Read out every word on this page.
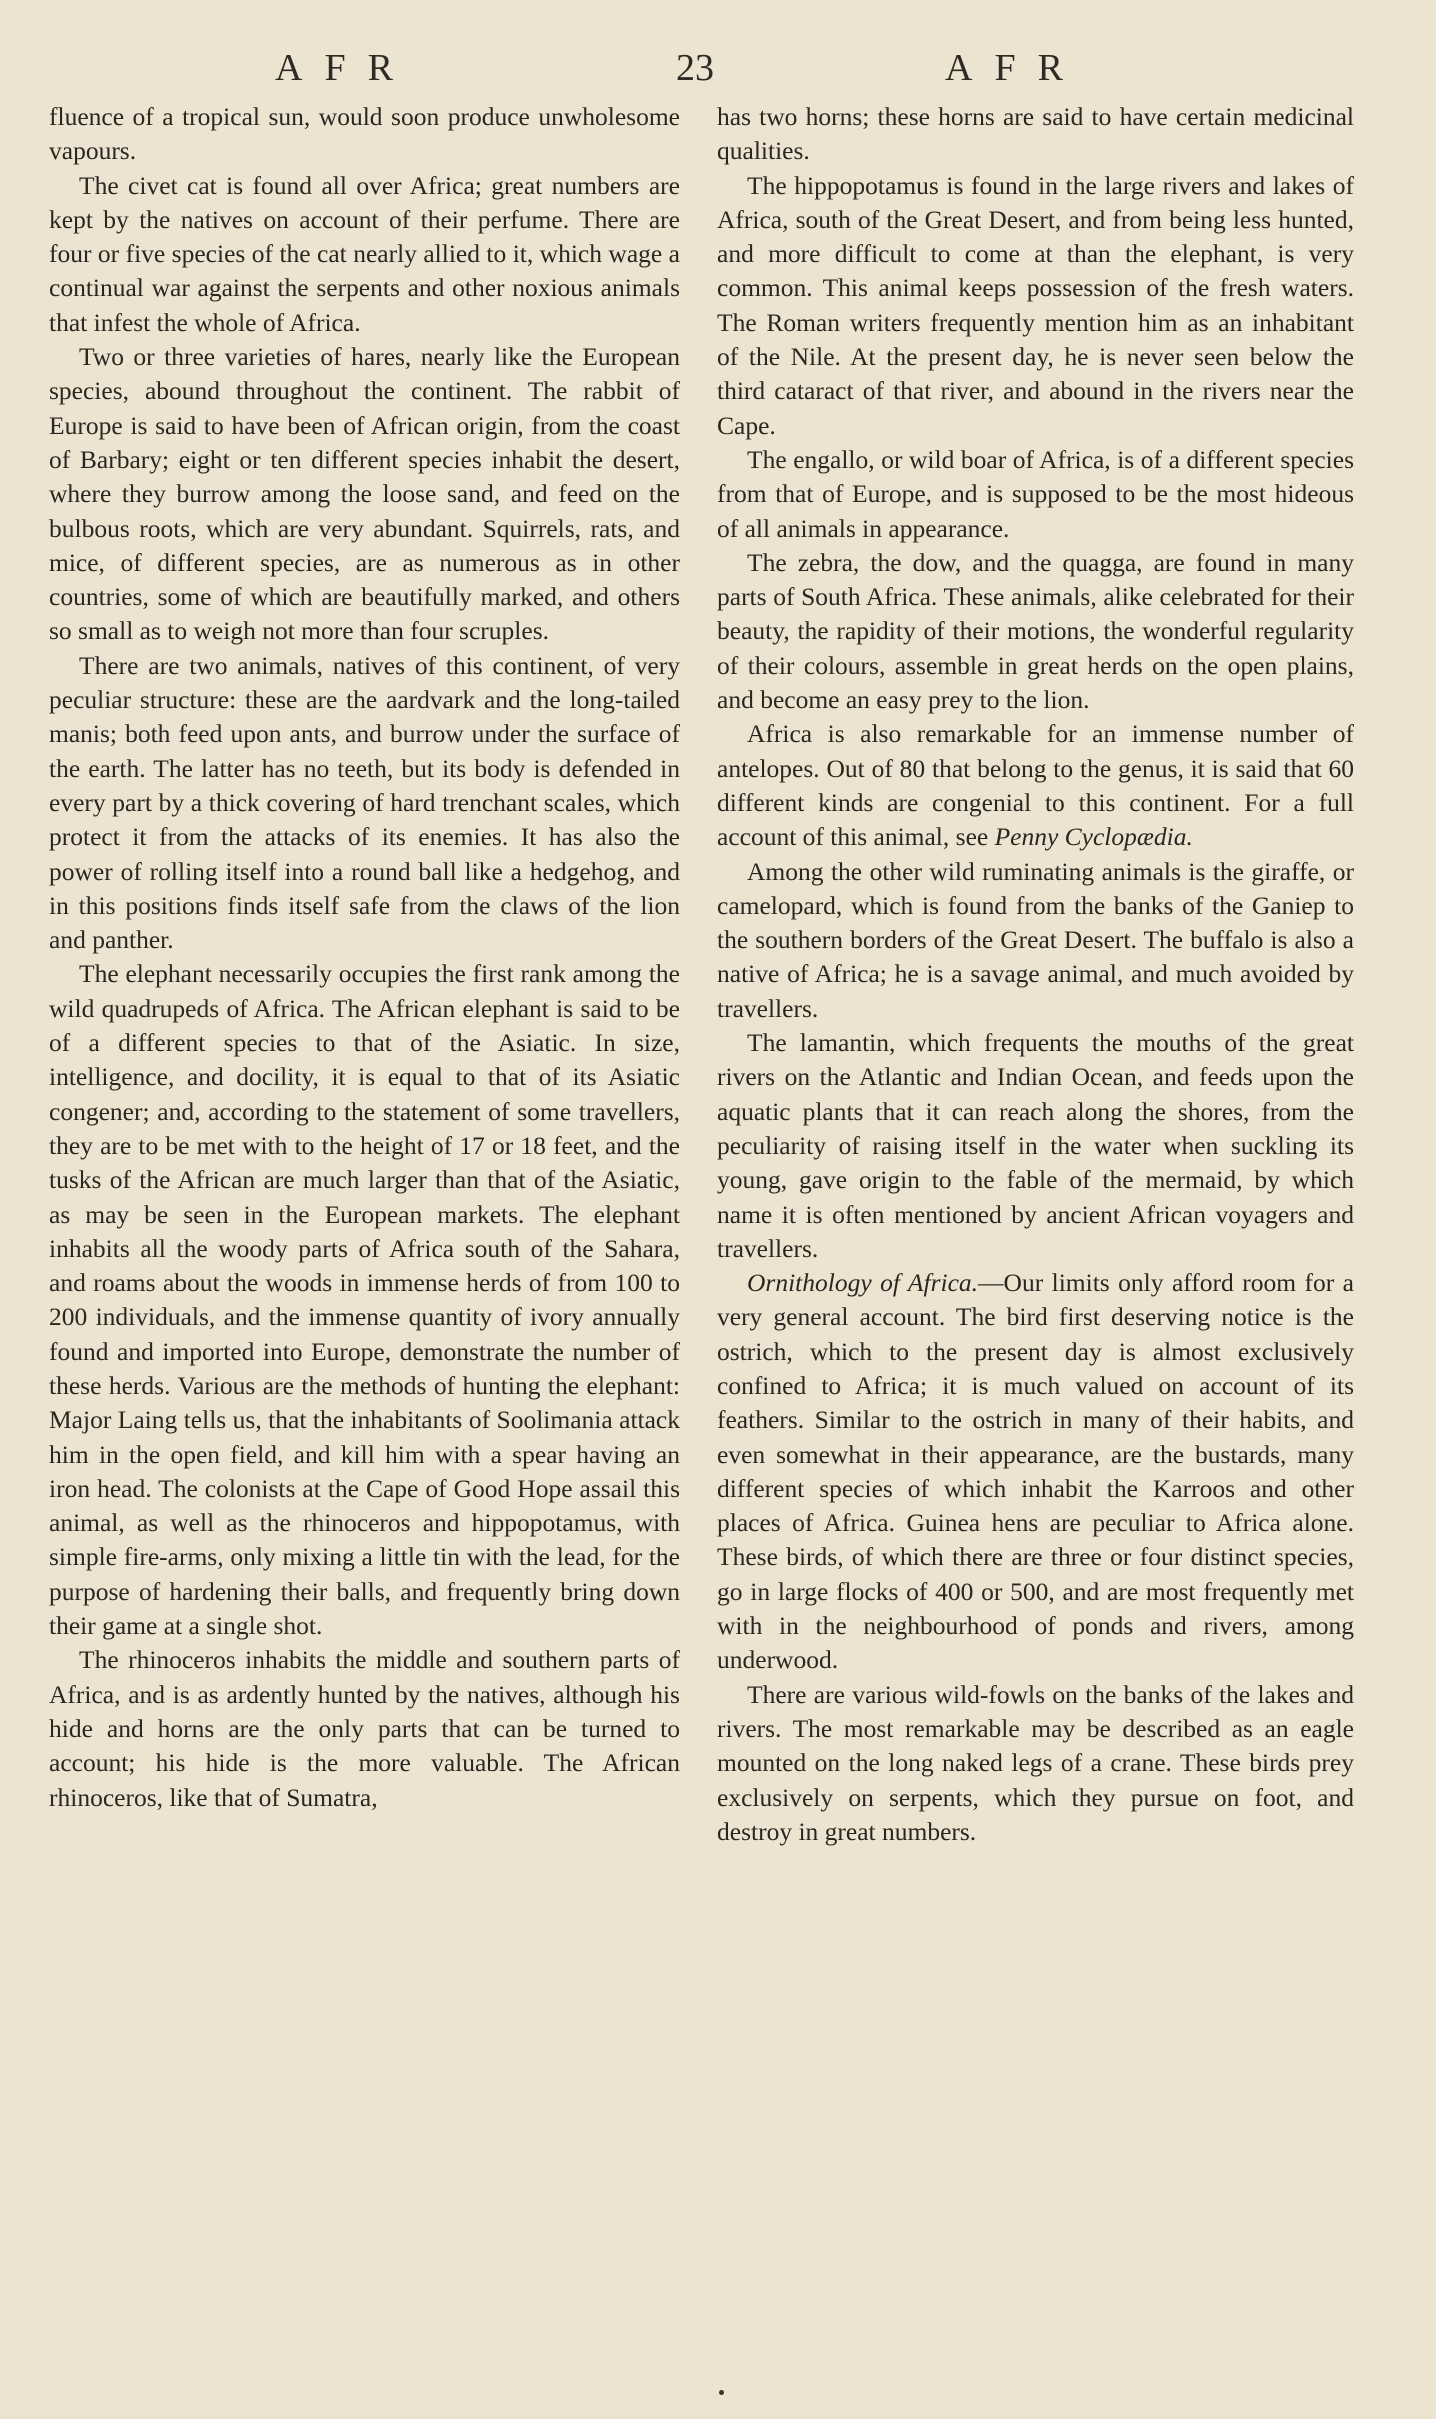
AFR	23	AFR

fluence of a tropical sun, would soon produce unwholesome vapours.

The civet cat is found all over Africa; great numbers are kept by the natives on account of their perfume. There are four or five species of the cat nearly allied to it, which wage a continual war against the serpents and other noxious animals that infest the whole of Africa.

Two or three varieties of hares, nearly like the European species, abound throughout the continent. The rabbit of Europe is said to have been of African origin, from the coast of Barbary; eight or ten different species inhabit the desert, where they burrow among the loose sand, and feed on the bulbous roots, which are very abundant. Squirrels, rats, and mice, of different species, are as numerous as in other countries, some of which are beautifully marked, and others so small as to weigh not more than four scruples.

There are two animals, natives of this continent, of very peculiar structure: these are the aardvark and the long-tailed manis; both feed upon ants, and burrow under the surface of the earth. The latter has no teeth, but its body is defended in every part by a thick covering of hard trenchant scales, which protect it from the attacks of its enemies. It has also the power of rolling itself into a round ball like a hedgehog, and in this positions finds itself safe from the claws of the lion and panther.

The elephant necessarily occupies the first rank among the wild quadrupeds of Africa. The African elephant is said to be of a different species to that of the Asiatic. In size, intelligence, and docility, it is equal to that of its Asiatic congener; and, according to the statement of some travellers, they are to be met with to the height of 17 or 18 feet, and the tusks of the African are much larger than that of the Asiatic, as may be seen in the European markets. The elephant inhabits all the woody parts of Africa south of the Sahara, and roams about the woods in immense herds of from 100 to 200 individuals, and the immense quantity of ivory annually found and imported into Europe, demonstrate the number of these herds. Various are the methods of hunting the elephant: Major Laing tells us, that the inhabitants of Soolimania attack him in the open field, and kill him with a spear having an iron head. The colonists at the Cape of Good Hope assail this animal, as well as the rhinoceros and hippopotamus, with simple fire-arms, only mixing a little tin with the lead, for the purpose of hardening their balls, and frequently bring down their game at a single shot.

The rhinoceros inhabits the middle and southern parts of Africa, and is as ardently hunted by the natives, although his hide and horns are the only parts that can be turned to account; his hide is the more valuable. The African rhinoceros, like that of Sumatra,

has two horns; these horns are said to have certain medicinal qualities.

The hippopotamus is found in the large rivers and lakes of Africa, south of the Great Desert, and from being less hunted, and more difficult to come at than the elephant, is very common. This animal keeps possession of the fresh waters. The Roman writers frequently mention him as an inhabitant of the Nile. At the present day, he is never seen below the third cataract of that river, and abound in the rivers near the Cape.

The engallo, or wild boar of Africa, is of a different species from that of Europe, and is supposed to be the most hideous of all animals in appearance.

The zebra, the dow, and the quagga, are found in many parts of South Africa. These animals, alike celebrated for their beauty, the rapidity of their motions, the wonderful regularity of their colours, assemble in great herds on the open plains, and become an easy prey to the lion.

Africa is also remarkable for an immense number of antelopes. Out of 80 that belong to the genus, it is said that 60 different kinds are congenial to this continent. For a full account of this animal, see Penny Cyclopædia.

Among the other wild ruminating animals is the giraffe, or camelopard, which is found from the banks of the Ganiep to the southern borders of the Great Desert. The buffalo is also a native of Africa; he is a savage animal, and much avoided by travellers.

The lamantin, which frequents the mouths of the great rivers on the Atlantic and Indian Ocean, and feeds upon the aquatic plants that it can reach along the shores, from the peculiarity of raising itself in the water when suckling its young, gave origin to the fable of the mermaid, by which name it is often mentioned by ancient African voyagers and travellers.

Ornithology of Africa.—Our limits only afford room for a very general account. The bird first deserving notice is the ostrich, which to the present day is almost exclusively confined to Africa; it is much valued on account of its feathers. Similar to the ostrich in many of their habits, and even somewhat in their appearance, are the bustards, many different species of which inhabit the Karroos and other places of Africa. Guinea hens are peculiar to Africa alone. These birds, of which there are three or four distinct species, go in large flocks of 400 or 500, and are most frequently met with in the neighbourhood of ponds and rivers, among underwood.

There are various wild-fowls on the banks of the lakes and rivers. The most remarkable may be described as an eagle mounted on the long naked legs of a crane. These birds prey exclusively on serpents, which they pursue on foot, and destroy in great numbers.
